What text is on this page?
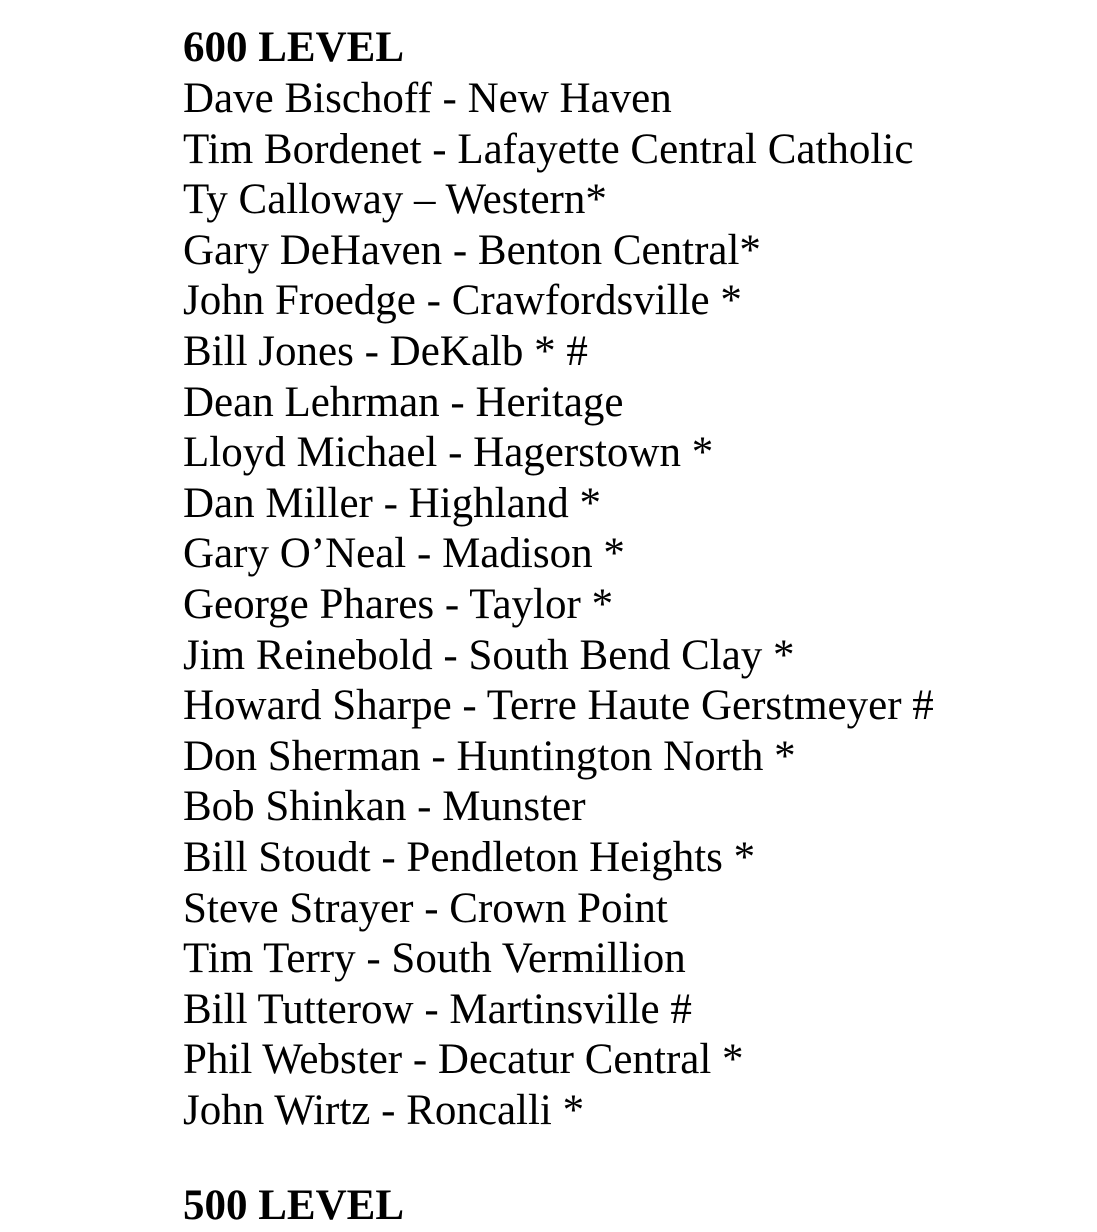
600 LEVEL
Dave Bischoff - New Haven
Tim Bordenet - Lafayette Central Catholic
Ty Calloway – Western*
Gary DeHaven - Benton Central*
John Froedge - Crawfordsville *
Bill Jones - DeKalb * #
Dean Lehrman - Heritage
Lloyd Michael - Hagerstown *
Dan Miller - Highland *
Gary O’Neal - Madison *
George Phares - Taylor *
Jim Reinebold - South Bend Clay *
Howard Sharpe - Terre Haute Gerstmeyer #
Don Sherman - Huntington North *
Bob Shinkan - Munster
Bill Stoudt - Pendleton Heights *
Steve Strayer - Crown Point
Tim Terry - South Vermillion
Bill Tutterow - Martinsville #
Phil Webster - Decatur Central *
John Wirtz - Roncalli *
500 LEVEL
